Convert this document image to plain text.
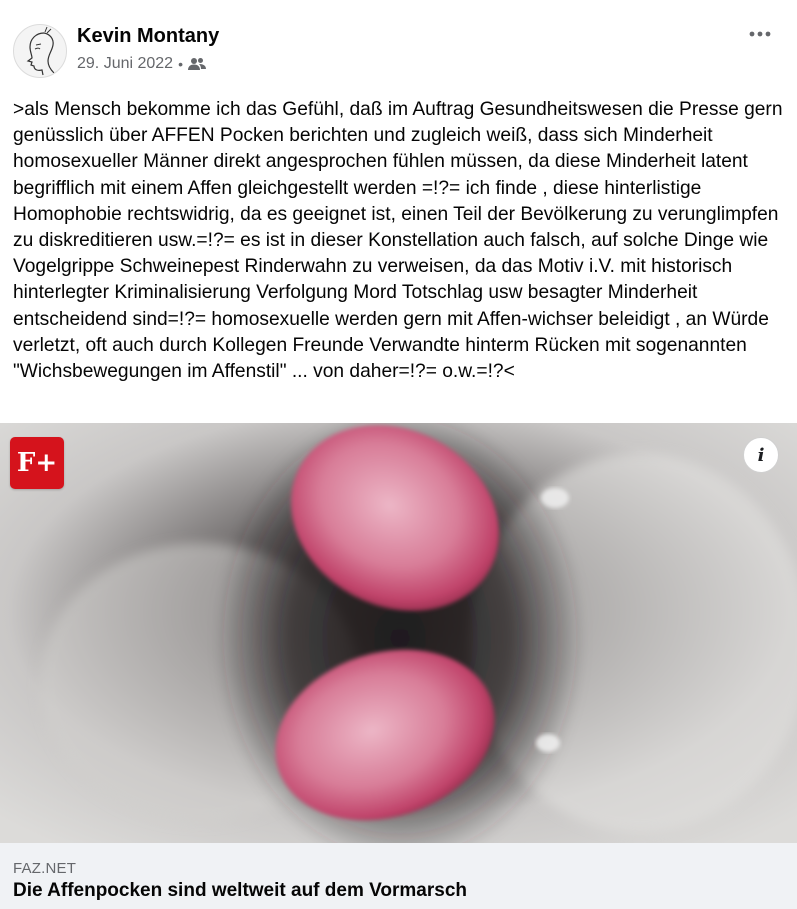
Kevin Montany
29. Juni 2022 •
>als Mensch bekomme ich das Gefühl, daß im Auftrag Gesundheitswesen die Presse gern genüsslich über AFFEN Pocken berichten und zugleich weiß, dass sich Minderheit homosexueller Männer direkt angesprochen fühlen müssen, da diese Minderheit latent begrifflich mit einem Affen gleichgestellt werden =!?= ich finde , diese hinterlistige Homophobie rechtswidrig, da es geeignet ist, einen Teil der Bevölkerung zu verunglimpfen zu diskreditieren usw.=!?= es ist in dieser Konstellation auch falsch, auf solche Dinge wie Vogelgrippe Schweinepest Rinderwahn zu verweisen, da das Motiv i.V. mit historisch hinterlegter Kriminalisierung Verfolgung Mord Totschlag usw besagter Minderheit entscheidend sind=!?= homosexuelle werden gern mit Affen-wichser beleidigt , an Würde verletzt, oft auch durch Kollegen Freunde Verwandte hinterm Rücken mit sogenannten "Wichsbewegungen im Affenstil" ... von daher=!?= o.w.=!?<
F+	i
FAZ.NET
Die Affenpocken sind weltweit auf dem Vormarsch
